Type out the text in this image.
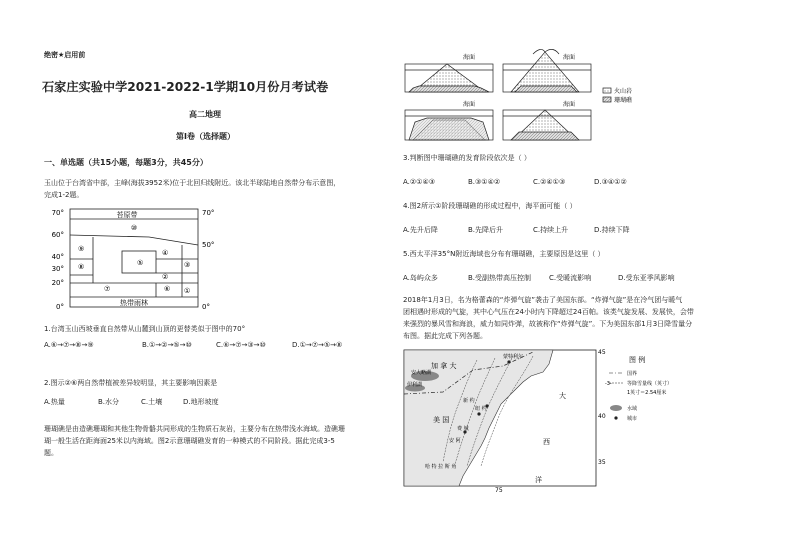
绝密★启用前
石家庄实验中学2021-2022-1学期10月份月考试卷
高二地理
第Ⅰ卷（选择题）
一、单选题（共15小题，每题3分，共45分）
玉山位于台湾省中部，主峰(海拔3952米)位于北回归线附近。该北半球陆地自然带分布示意图，
完成1-2题。
苔原带
热带雨林
⑩
⑨
⑧
⑦	⑥
⑤
④
③
②
①
70°
60°
40°
30°
20°
0°
70°
50°
0°
1.台湾玉山西坡垂直自然带从山麓到山顶的更替类似于图中的70°
A.⑥→⑦→⑧→⑨	B.①→②→⑤→⑩	C.⑥→⑦→③→⑩	D.①→⑦→⑤→⑧
2.图示②⑥两自然带植被差异较明显，其主要影响因素是
A.热量	B.水分	C.土壤	D.地形坡度
珊瑚礁是由造礁珊瑚和其他生物骨骼共同形成的生物质石灰岩，主要分布在热带浅水海域。造礁珊
瑚一般生活在距海面25米以内海域。图2示意珊瑚礁发育的一种模式的不同阶段。据此完成3-5
题。
海面	海面
海面	海面
火山岩
珊瑚礁
3.判断图中珊瑚礁的发育阶段依次是（ ）
A.②①④③	B.③①④②	C.②④①③	D.③④①②
4.图2所示①阶段珊瑚礁的形成过程中，海平面可能（ ）
A.先升后降	B.先降后升	C.持续上升	D.持续下降
5.西太平洋35°N附近海域也分布有珊瑚礁，主要原因是这里（ ）
A.岛屿众多	B.受副热带高压控制	C.受暖流影响	D.受东亚季风影响
2018年1月3日，名为格蕾森的“炸弹气旋”袭击了美国东部。“炸弹气旋”是在冷气团与暖气
团相遇时形成的气旋，其中心气压在24小时内下降超过24百帕。该类气旋发展、发展快，会带
来强烈的暴风雪和海浪，威力如同炸弹，故被称作“炸弹气旋”。下为美国东部1月3日降雪量分
布图。据此完成下列各题。
加 拿 大
美 国
大
西
洋
安大略湖
伊利湖
蒙特利尔
新 约
安 阿
费 城
纽 约
哈 特 拉 斯 角
45
40
35
75
图 例
-3-
国界
等降雪量线（英寸）
1英寸＝2.54厘米
水域
城市
